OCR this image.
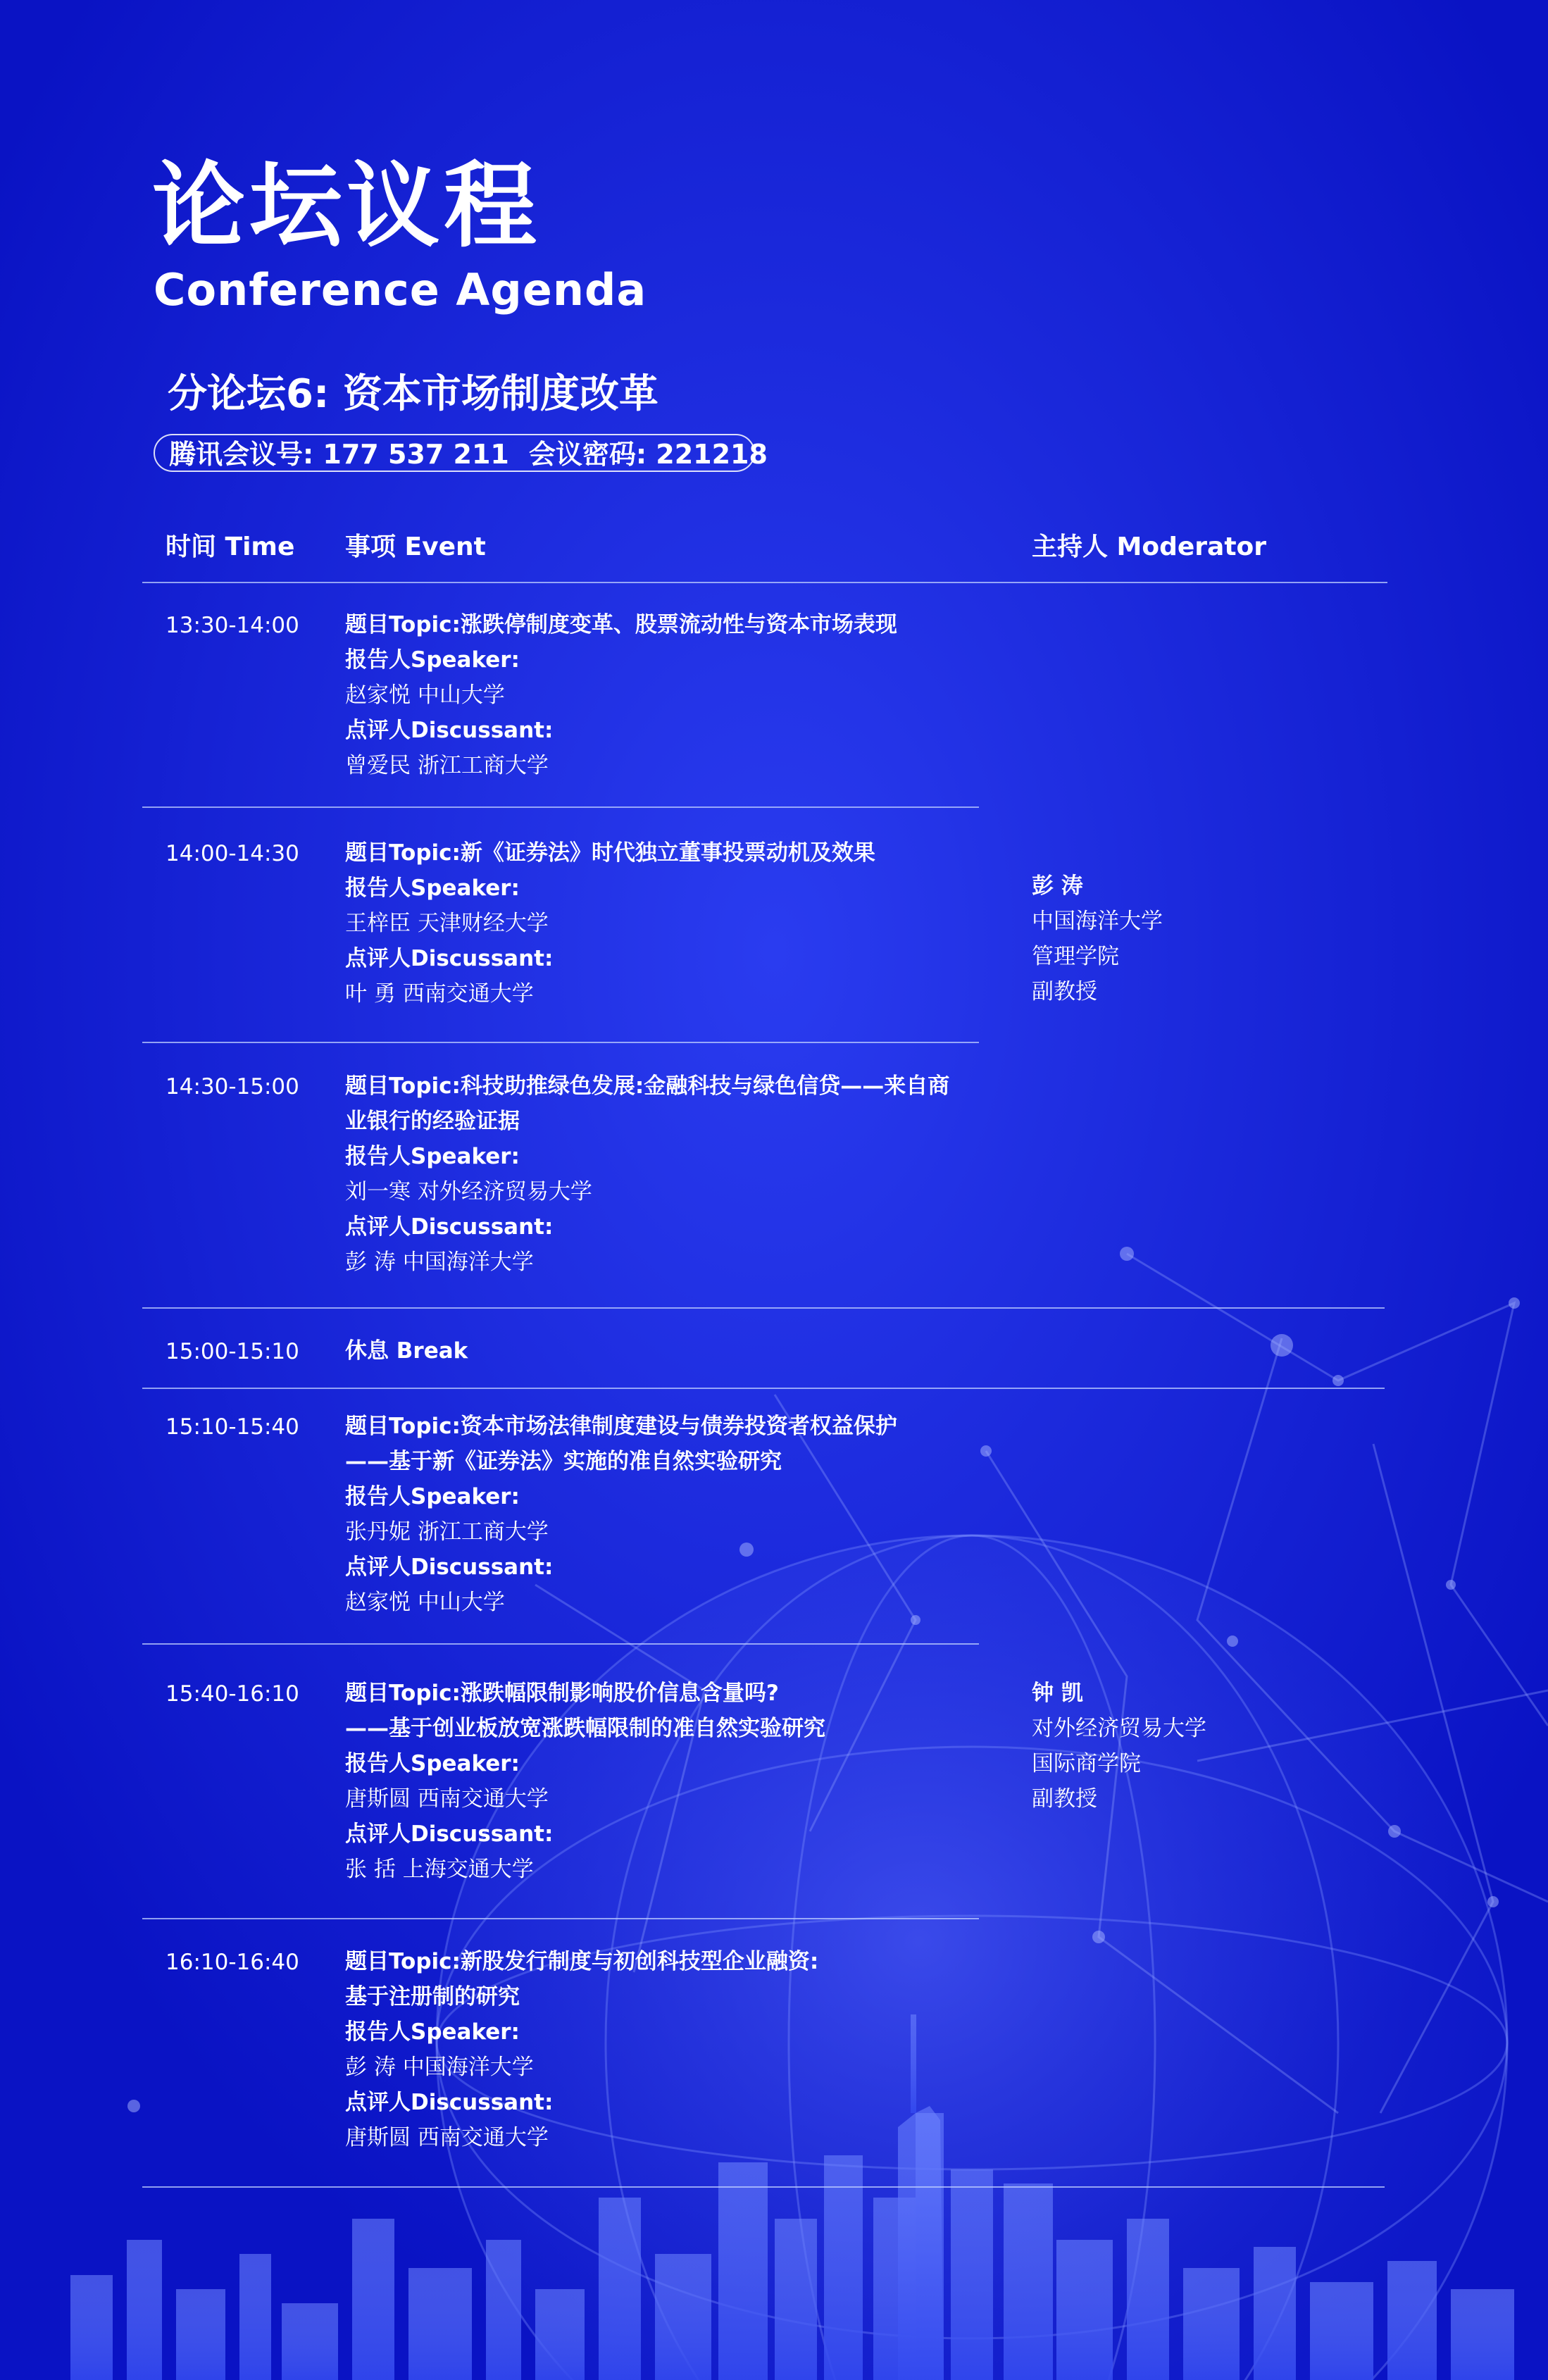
论坛议程
Conference Agenda
分论坛6: 资本市场制度改革
腾讯会议号: 177 537 211 会议密码: 221218
时间 Time 事项 Event	主持人 Moderator
13:30-14:00 题目Topic:涨跌停制度变革、股票流动性与资本市场表现
报告人Speaker:
赵家悦 中山大学
点评人Discussant:
曾爱民 浙江工商大学
14:00-14:30 题目Topic:新《证券法》时代独立董事投票动机及效果
报告人Speaker:
王梓臣 天津财经大学
点评人Discussant:
叶 勇 西南交通大学
14:30-15:00 题目Topic:科技助推绿色发展:金融科技与绿色信贷——来自商
业银行的经验证据
报告人Speaker:
刘一寒 对外经济贸易大学
点评人Discussant:
彭 涛 中国海洋大学
15:00-15:10 休息 Break
15:10-15:40 题目Topic:资本市场法律制度建设与债券投资者权益保护
——基于新《证券法》实施的准自然实验研究
报告人Speaker:
张丹妮 浙江工商大学
点评人Discussant:
赵家悦 中山大学
15:40-16:10 题目Topic:涨跌幅限制影响股价信息含量吗?
——基于创业板放宽涨跌幅限制的准自然实验研究
报告人Speaker:
唐斯圆 西南交通大学
点评人Discussant:
张 括 上海交通大学
16:10-16:40 题目Topic:新股发行制度与初创科技型企业融资:
基于注册制的研究
报告人Speaker:
彭 涛 中国海洋大学
点评人Discussant:
唐斯圆 西南交通大学
彭 涛
中国海洋大学
管理学院
副教授
钟 凯
对外经济贸易大学
国际商学院
副教授
